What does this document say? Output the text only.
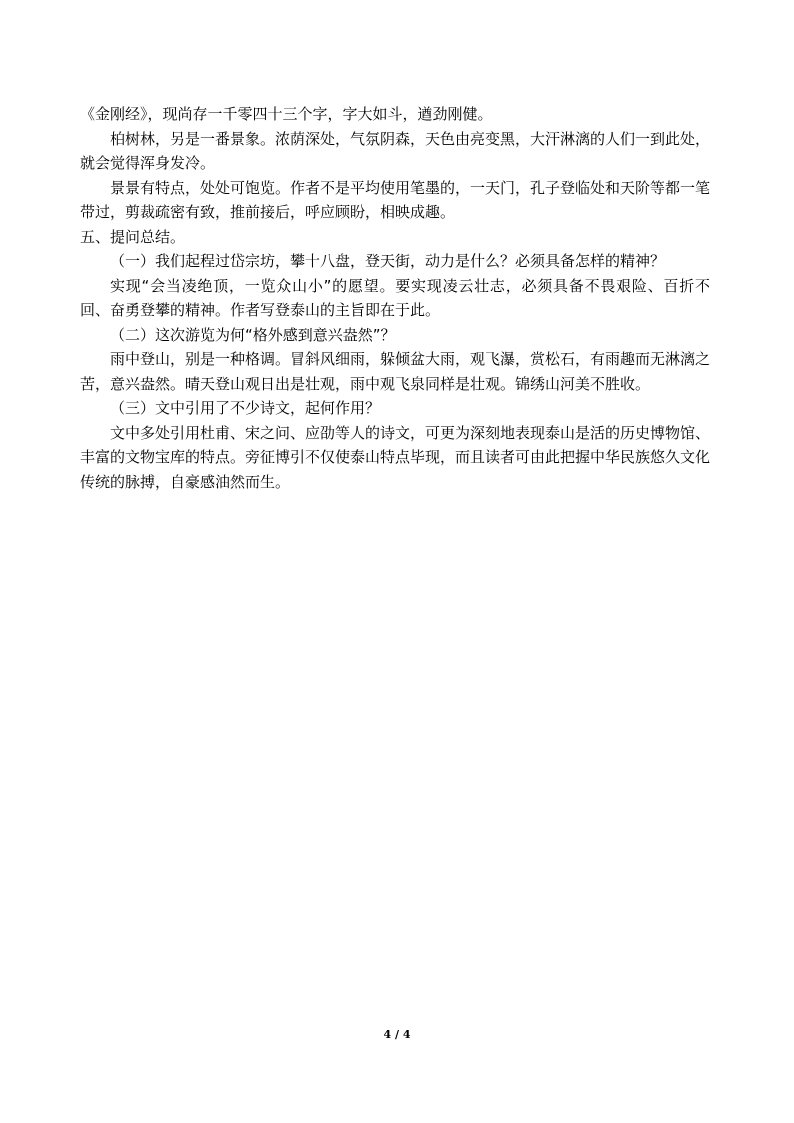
《金刚经》，现尚存一千零四十三个字，字大如斗，遒劲刚健。

柏树林，另是一番景象。浓荫深处，气氛阴森，天色由亮变黑，大汗淋漓的人们一到此处，就会觉得浑身发冷。

景景有特点，处处可饱览。作者不是平均使用笔墨的，一天门，孔子登临处和天阶等都一笔带过，剪裁疏密有致，推前接后，呼应顾盼，相映成趣。

五、提问总结。

（一）我们起程过岱宗坊，攀十八盘，登天街，动力是什么？必须具备怎样的精神？

实现“会当凌绝顶，一览众山小”的愿望。要实现凌云壮志，必须具备不畏艰险、百折不回、奋勇登攀的精神。作者写登泰山的主旨即在于此。

（二）这次游览为何“格外感到意兴盎然”？

雨中登山，别是一种格调。冒斜风细雨，躲倾盆大雨，观飞瀑，赏松石，有雨趣而无淋漓之苦，意兴盎然。晴天登山观日出是壮观，雨中观飞泉同样是壮观。锦绣山河美不胜收。

（三）文中引用了不少诗文，起何作用？

文中多处引用杜甫、宋之问、应劭等人的诗文，可更为深刻地表现泰山是活的历史博物馆、丰富的文物宝库的特点。旁征博引不仅使泰山特点毕现，而且读者可由此把握中华民族悠久文化传统的脉搏，自豪感油然而生。

4 / 4
